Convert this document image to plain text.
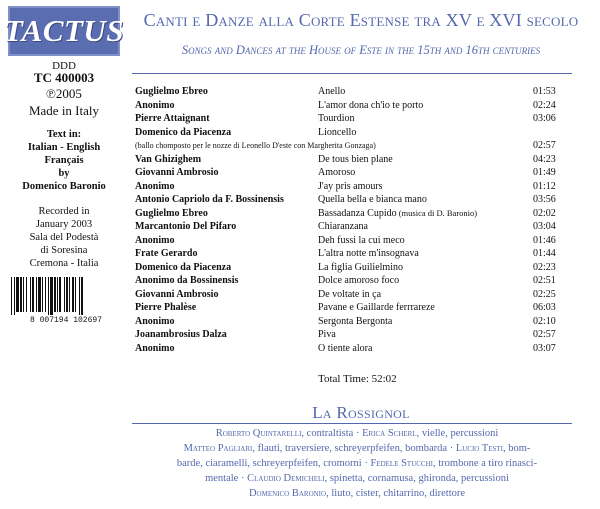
TACTUS
DDD
TC 400003
℗2005
Made in Italy
Text in:
Italian - English
Français
by
Domenico Baronio
Recorded in
January 2003
Sala del Podestà
di Soresina
Cremona - Italia
8 007194 102697
Canti e Danze alla Corte Estense tra XV e XVI secolo
Songs and Dances at the House of Este in the 15th and 16th centuries
Guglielmo Ebreo	Anello	01:53
Anonimo	L'amor dona ch'io te porto	02:24
Pierre Attaignant	Tourdion	03:06
Domenico da Piacenza	Lioncello
(ballo chomposto per le nozze di Leonello D'este con Margherita Gonzaga)	02:57
Van Ghizighem	De tous bien plane	04:23
Giovanni Ambrosio	Amoroso	01:49
Anonimo	J'ay pris amours	01:12
Antonio Capriolo da F. Bossinensis	Quella bella e bianca mano	03:56
Guglielmo Ebreo	Bassadanza Cupido (musica di D. Baronio)	02:02
Marcantonio Del Pifaro	Chiaranzana	03:04
Anonimo	Deh fussi la cui meco	01:46
Frate Gerardo	L'altra notte m'insognava	01:44
Domenico da Piacenza	La figlia Guilielmino	02:23
Anonimo da Bossinensis	Dolce amoroso foco	02:51
Giovanni Ambrosio	De voltate in ça	02:25
Pierre Phalèse	Pavane e Gaillarde ferrrareze	06:03
Anonimo	Sergonta Bergonta	02:10
Joanambrosius Dalza	Piva	02:57
Anonimo	O tiente alora	03:07
Total Time: 52:02
La Rossignol
Roberto Quintarelli, contraltista · Erica Scherl, vielle, percussioni
Matteo Pagliari, flauti, traversiere, schreyerpfeifen, bombarda · Lucio Testi, bom-
barde, ciaramelli, schreyerpfeifen, cromorni · Fedele Stucchi, trombone a tiro rinasci-
mentale · Claudio Demicheli, spinetta, cornamusa, ghironda, percussioni
Domenico Baronio, liuto, cister, chitarrino, direttore
